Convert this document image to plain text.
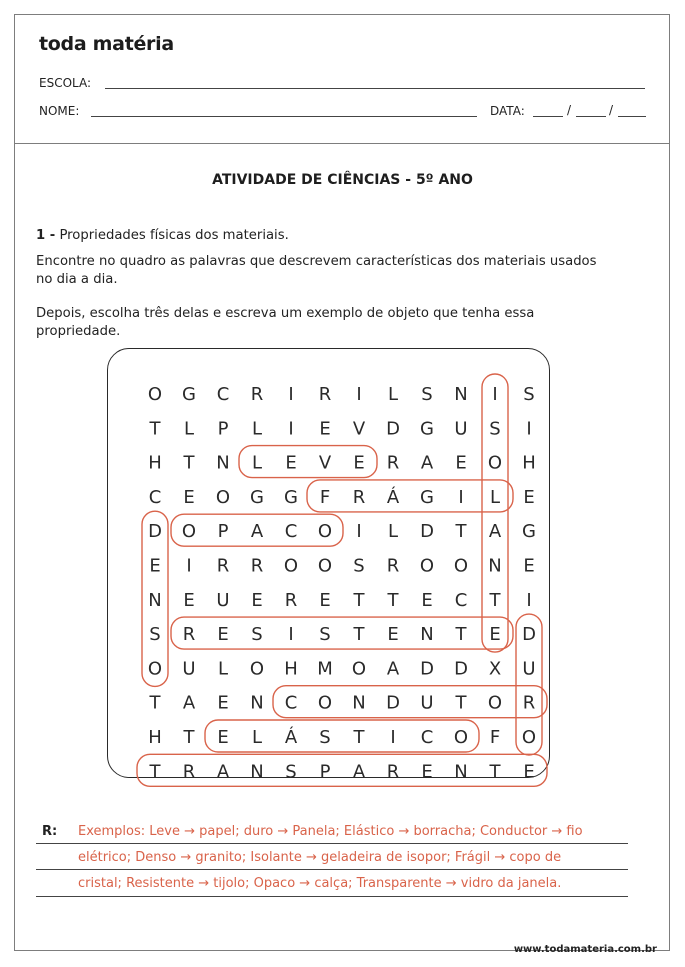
toda matéria
ESCOLA:
NOME:	DATA:	/	/
ATIVIDADE DE CIÊNCIAS - 5º ANO
1 - Propriedades físicas dos materiais.
Encontre no quadro as palavras que descrevem características dos materiais usados no dia a dia.
Depois, escolha três delas e escreva um exemplo de objeto que tenha essa propriedade.
O G C R I R I L S N I S
T L P L I E V D G U S I
H T N L E V E R A E O H
C E O G G F R Á G I L E
D O P A C O I L D T A G
E I R R O O S R O O N E
N E U E R E T T E C T I
S R E S I S T E N T E D
O U L O H M O A D D X U
T A E N C O N D U T O R
H T E L Á S T I C O F O
T R A N S P A R E N T E
R: Exemplos: Leve → papel; duro → Panela; Elástico → borracha; Conductor → fio
elétrico; Denso → granito; Isolante → geladeira de isopor; Frágil → copo de
cristal; Resistente → tijolo; Opaco → calça; Transparente → vidro da janela.
www.todamateria.com.br
